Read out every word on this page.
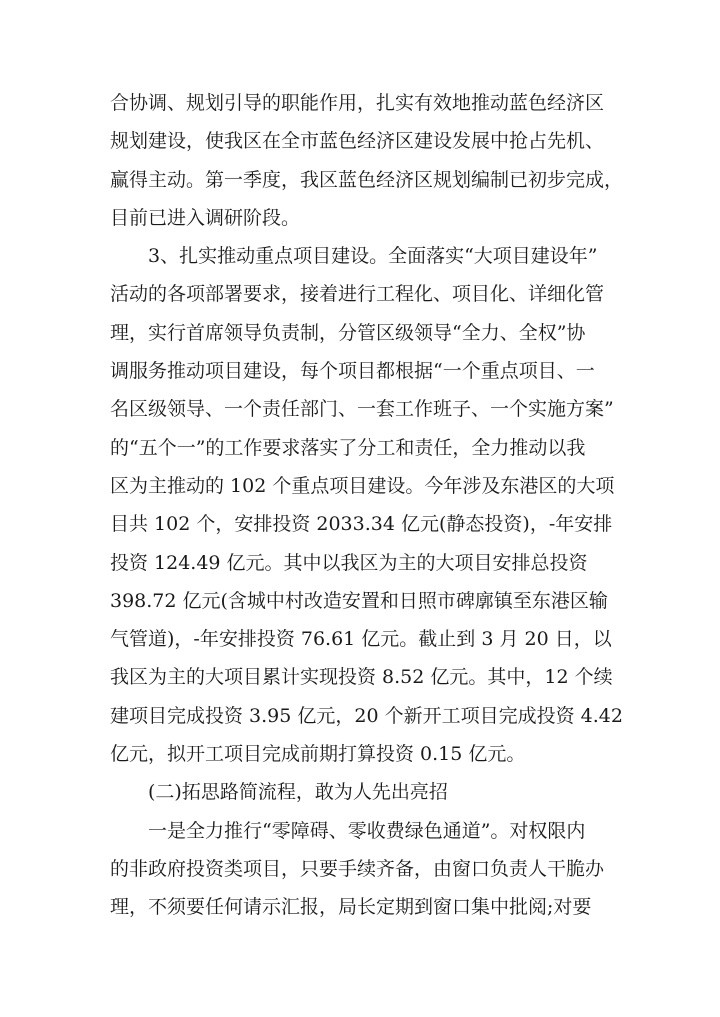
合协调、规划引导的职能作用，扎实有效地推动蓝色经济区
规划建设，使我区在全市蓝色经济区建设发展中抢占先机、
赢得主动。第一季度，我区蓝色经济区规划编制已初步完成，
目前已进入调研阶段。
3、扎实推动重点项目建设。全面落实“大项目建设年”
活动的各项部署要求，接着进行工程化、项目化、详细化管
理，实行首席领导负责制，分管区级领导“全力、全权”协
调服务推动项目建设，每个项目都根据“一个重点项目、一
名区级领导、一个责任部门、一套工作班子、一个实施方案”
的“五个一”的工作要求落实了分工和责任，全力推动以我
区为主推动的 102 个重点项目建设。今年涉及东港区的大项
目共 102 个，安排投资 2033.34 亿元(静态投资)，-年安排
投资 124.49 亿元。其中以我区为主的大项目安排总投资
398.72 亿元(含城中村改造安置和日照市碑廓镇至东港区输
气管道)，-年安排投资 76.61 亿元。截止到 3 月 20 日，以
我区为主的大项目累计实现投资 8.52 亿元。其中，12 个续
建项目完成投资 3.95 亿元，20 个新开工项目完成投资 4.42
亿元，拟开工项目完成前期打算投资 0.15 亿元。
(二)拓思路简流程，敢为人先出亮招
一是全力推行“零障碍、零收费绿色通道”。对权限内
的非政府投资类项目，只要手续齐备，由窗口负责人干脆办
理，不须要任何请示汇报，局长定期到窗口集中批阅;对要
